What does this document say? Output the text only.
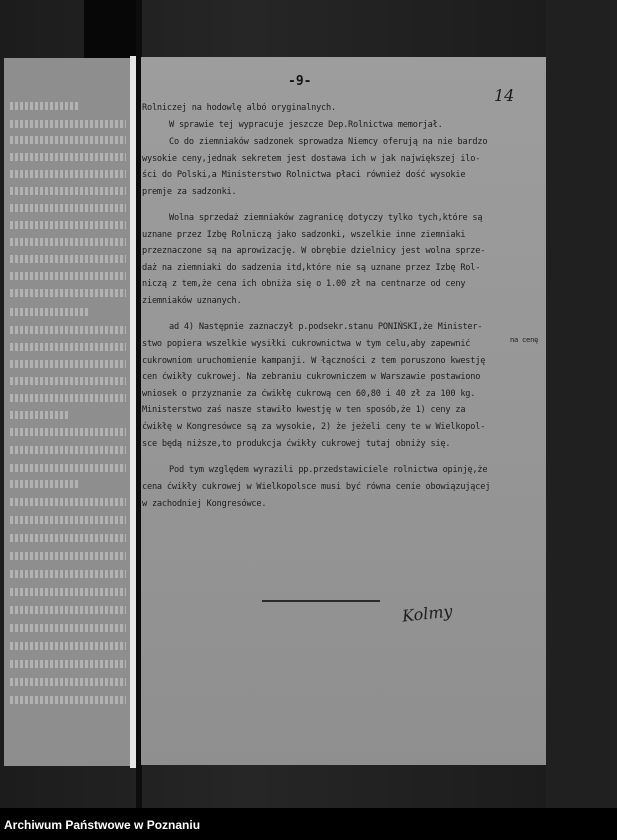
-9-
14
Rolniczej na hodowlę albó oryginalnych.
W sprawie tej wypracuje jeszcze Dep.Rolnictwa memorjał.
Co do ziemniaków sadzonek sprowadza Niemcy oferują na nie bardzo
wysokie ceny,jednak sekretem jest dostawa ich w jak największej ilo-
ści do Polski,a Ministerstwo Rolnictwa płaci również dość wysokie
premje za sadzonki.
Wolna sprzedaż ziemniaków zagranicę dotyczy tylko tych,które są
uznane przez Izbę Rolniczą jako sadzonki, wszelkie inne ziemniaki
przeznaczone są na aprowizację. W obrębie dzielnicy jest wolna sprze-
daż na ziemniaki do sadzenia itd,które nie są uznane przez Izbę Rol-
niczą z tem,że cena ich obniża się o 1.00 zł na centnarze od ceny
ziemniaków uznanych.
ad 4) Następnie zaznaczył p.podsekr.stanu PONIŃSKI,że Minister-
stwo popiera wszelkie wysiłki cukrownictwa w tym celu,aby zapewnić
cukrowniom uruchomienie kampanji. W łączności z tem poruszono kwestję
cen ćwikły cukrowej. Na zebraniu cukrowniczem w Warszawie postawiono
wniosek o przyznanie za ćwikłę cukrową cen 60,80 i 40 zł za 100 kg.
Ministerstwo zaś nasze stawiło kwestję w ten sposób,że 1) ceny za
ćwikłę w Kongresówce są za wysokie, 2) że jeżeli ceny te w Wielkopol-
sce będą niższe,to produkcja ćwikły cukrowej tutaj obniży się.
Pod tym względem wyrazili pp.przedstawiciele rolnictwa opinję,że
cena ćwikły cukrowej w Wielkopolsce musi być równa cenie obowiązującej
w zachodniej Kongresówce.
na cenę
Kolmy
Archiwum Państwowe w Poznaniu
